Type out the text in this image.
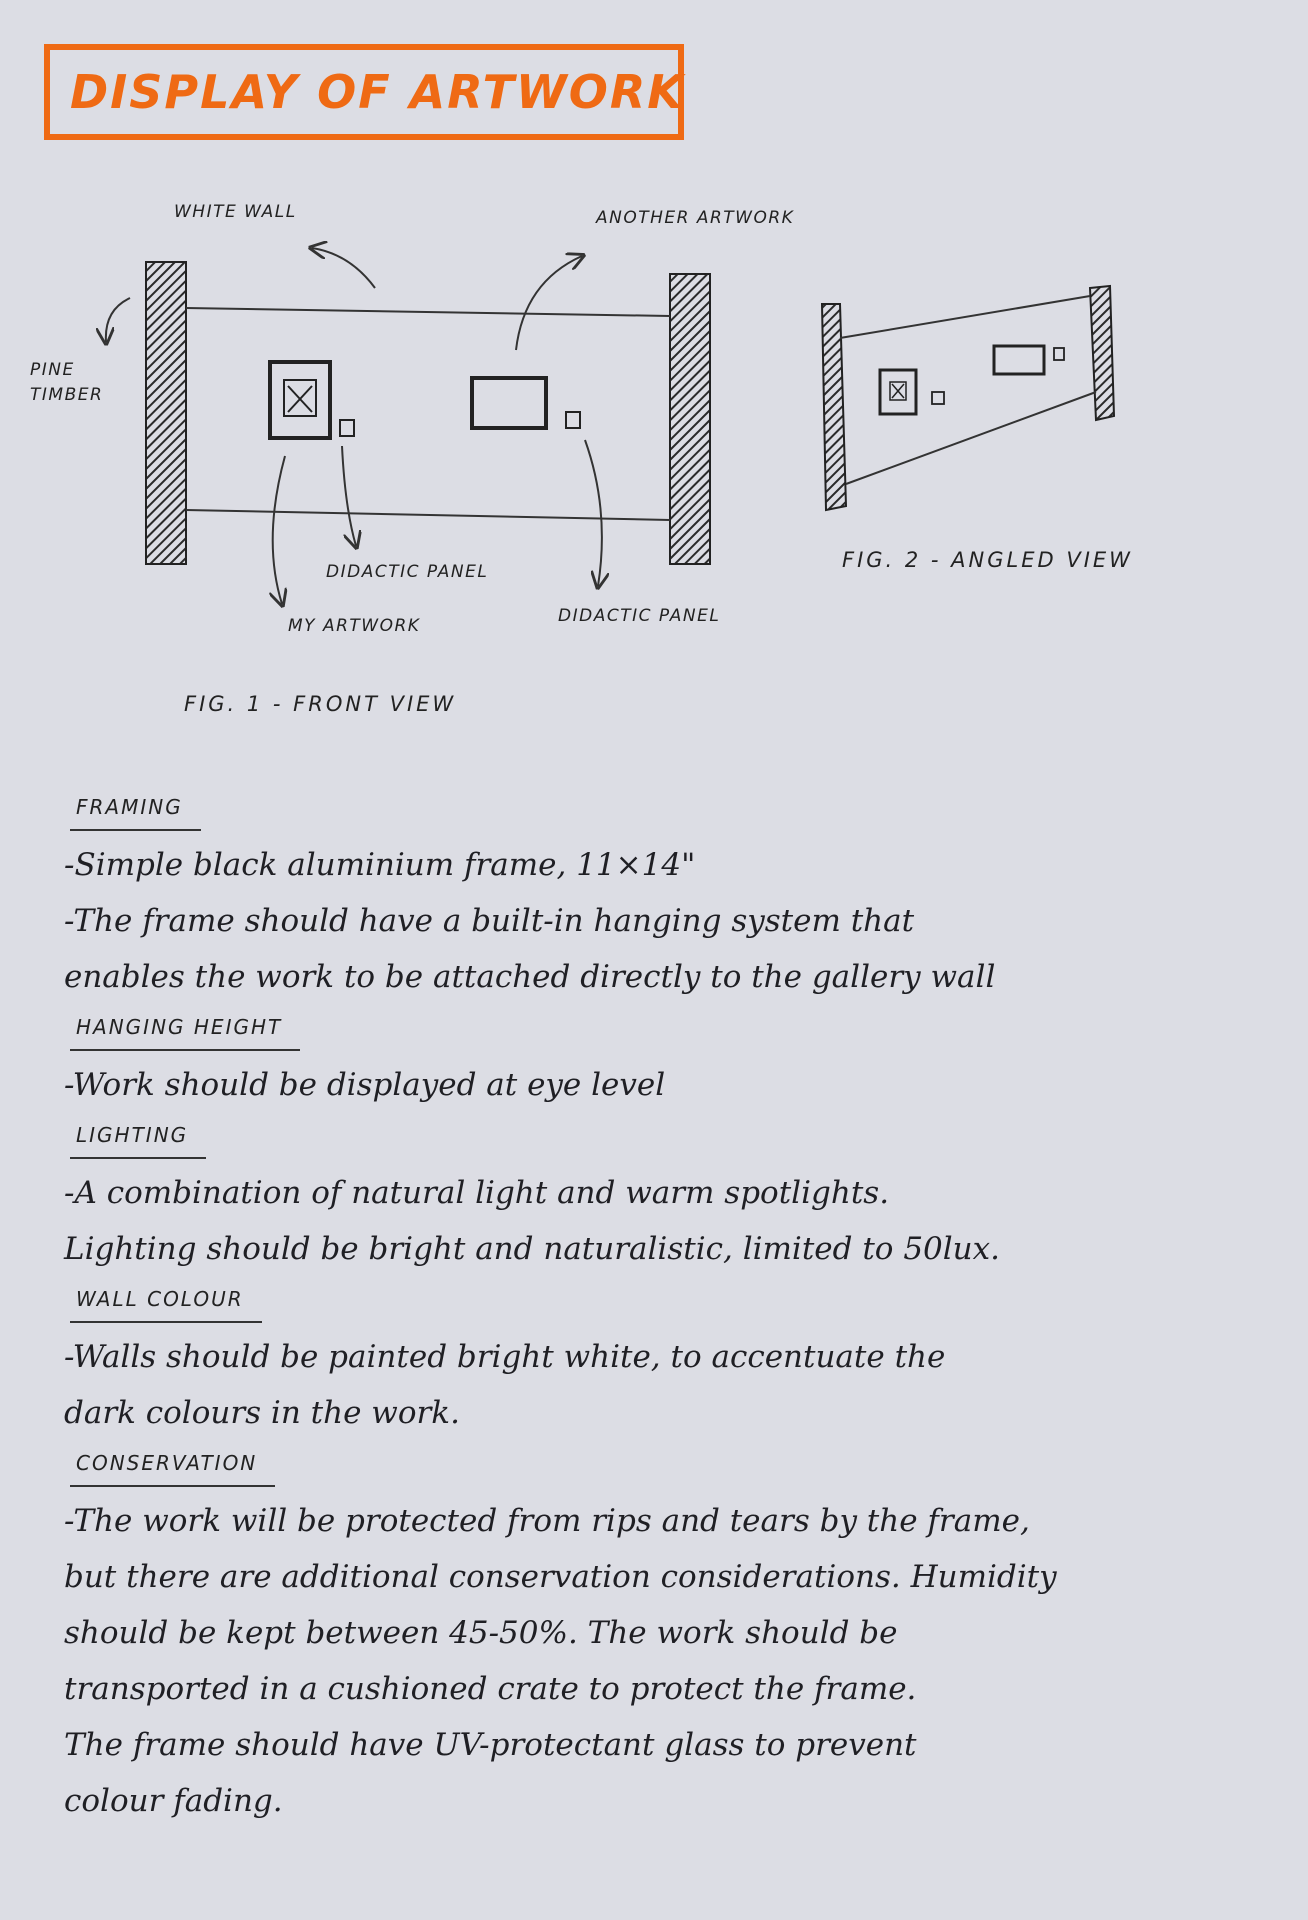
DISPLAY OF ARTWORK
WHITE WALL	ANOTHER ARTWORK
PINE
TIMBER
DIDACTIC PANEL
MY ARTWORK	DIDACTIC PANEL
FIG. 1 - FRONT VIEW
FIG. 2 - ANGLED VIEW
FRAMING
-Simple black aluminium frame, 11×14"
-The frame should have a built-in hanging system that
enables the work to be attached directly to the gallery wall
HANGING HEIGHT
-Work should be displayed at eye level
LIGHTING
-A combination of natural light and warm spotlights.
Lighting should be bright and naturalistic, limited to 50lux.
WALL COLOUR
-Walls should be painted bright white, to accentuate the
dark colours in the work.
CONSERVATION
-The work will be protected from rips and tears by the frame,
but there are additional conservation considerations. Humidity
should be kept between 45-50%. The work should be
transported in a cushioned crate to protect the frame.
The frame should have UV-protectant glass to prevent
colour fading.
